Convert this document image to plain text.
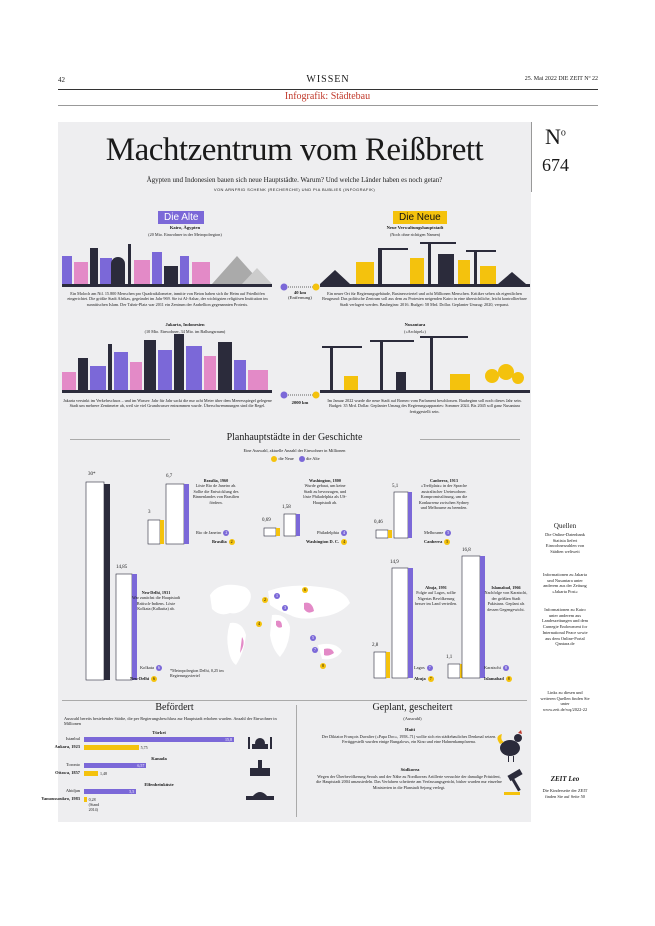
42	WISSEN	25. Mai 2022 DIE ZEIT Nº 22
Infografik: Städtebau
$N^o$
674
Machtzentrum vom Reißbrett
Ägypten und Indonesien bauen sich neue Hauptstädte. Warum? Und welche Länder haben es noch getan?
VON ARNFRID SCHENK (RECHERCHE) UND PIA BUBLIES (INFOGRAFIK)
Die Alte	Die Neue
Kairo, Ägypten
(20 Mio. Einwohner in der Metropolregion)
Neue Verwaltungshauptstadt
(Noch ohne richtigen Namen)
40 km
(Entfernung)
Ein Moloch am Nil. 15.800 Menschen pro Quadratkilometer, inmitte von Beton haben sich ihr Heim auf Friedhöfen eingerichtet. Die größte Stadt Afrikas, gegründet im Jahr 969. Sie ist Al-Azhar, der wichtigsten religiösen Institution im sunnitischen Islam. Der Tahrir-Platz war 2011 ein Zentrum der Arabellion gegenannten Protests.
Ein neuer Ort für Regierungsgebäude, Businessviertel und acht Millionen Menschen. Kritiker sehen als eigentlichen Beugrund: Das politische Zentrum soll aus dem zu Protesten neigenden Kairo in eine übersichtliche, leicht kontrollierbare Stadt verlagert werden. Baubeginn: 2016. Budget: 58 Mrd. Dollar. Geplanter Umzug: 2020, verpasst.
Jakarta, Indonesien
(10 Mio. Einwohner, 34 Mio. im Ballungsraum)
Nusantara
(»Archipel«)
2000 km
Jakarta versinkt im Verkehrschaos – und im Wasser: Jahr für Jahr sackt die nur acht Meter über dem Meeresspiegel gelegene Stadt um mehrere Zentimeter ab, weil sie viel Grundwasser entnommen wurde. Überschwemmungen sind die Regel.
Im Januar 2022 wurde die neue Stadt auf Borneo vom Parlament beschlossen. Baubeginn soll noch dieses Jahr sein. Budget: 35 Mrd. Dollar. Geplanter Umzug des Regierungsapparates: Sommer 2024. Bis 2045 soll ganz Nusantara fertiggestellt sein.
Planhauptstädte in der Geschichte
Eine Auswahl, aktuelle Anzahl der Einwohner in Millionen
die Neue	die Alte
30*
14,85
3
6,7
0,69
1,58
0,46
5,1
2,8
14,9
1,1
16,8
Brasília, 1960
Löste Rio de Janeiro ab. Sollte die Entwicklung des Binnenlandes von Brasilien fördern.
Rio de Janeiro 2
Brasília 2
Washington, 1800
Wurde gebaut, um keine Stadt zu bevorzugen, und löste Philadelphia als US-Hauptstadt ab.
Philadelphia 4
Washington D. C. 4
Canberra, 1913
»Treffplatz« in der Sprache australischer Ureinwohner. Kompromisslösung, um die Konkurrenz zwischen Sydney und Melbourne zu beenden.
Melbourne 5
Canberra 5
Neu-Delhi, 1931
War zunächst die Hauptstadt Britisch-Indiens. Löste Kolkata (Kalkutta) ab.
Kolkata 6
Neu-Delhi 6
*Metropolregion Delhi, 0,25 im Regierungsviertel
Abuja, 1991
Folgte auf Lagos, sollte Nigerias Bevölkerung besser im Land verteilen.
Lagos 7
Abuja 7
Islamabad, 1966
Nachfolge von Karatschi, der größten Stadt Pakistans. Geplant als dessen Gegengewicht.
Karatschi 8
Islamabad 8
1
2
3
4
5
6
7
8
Befördert
Auswahl bereits bestehender Städte, die per Regierungsbeschluss zur Hauptstadt erhoben wurden. Anzahl der Einwohner in Millionen
Türkei
Istanbul	15,8
Ankara, 1923	5,75
Kanada
Toronto	6,57
Ottawa, 1857	1,48
Elfenbeinküste
Abidjan	5,5
Yamoussoukro, 1983 0,28 (Stand 2014)
Geplant, gescheitert
(Auswahl)
Haiti
Der Diktator François Duvalier (»Papa Doc«, 1958–71) wollte sich ein städtebauliches Denkmal setzen. Fertiggestellt wurden einige Bungalows, ein Kino und eine Hahnenkampfarena.
Südkorea
Wegen der Überbevölkerung Seouls und der Nähe zu Nordkoreas Artillerie versuchte der damalige Präsident, die Hauptstadt 2004 umzusiedeln. Das Verfahren scheiterte am Verfassungsgericht, bisher wurden nur einzelne Ministerien in die Planstadt Sejong verlegt.
Quellen
Die Online-Datenbank Statista liefert Einwohnerzahlen von Städten weltweit
Informationen zu Jakarta und Nusantara unter anderem aus der Zeitung »Jakarta Post«
Informationen zu Kairo unter anderem aus Landeszeitungen und dem Carnegie Endowment for International Peace sowie aus dem Online-Portal Qantara.de
Links zu diesen und weiteren Quellen finden Sie unter www.zeit.de/wq/2022-22
ZEIT Leo
Die Kinderseite der ZEIT finden Sie auf Seite 50
